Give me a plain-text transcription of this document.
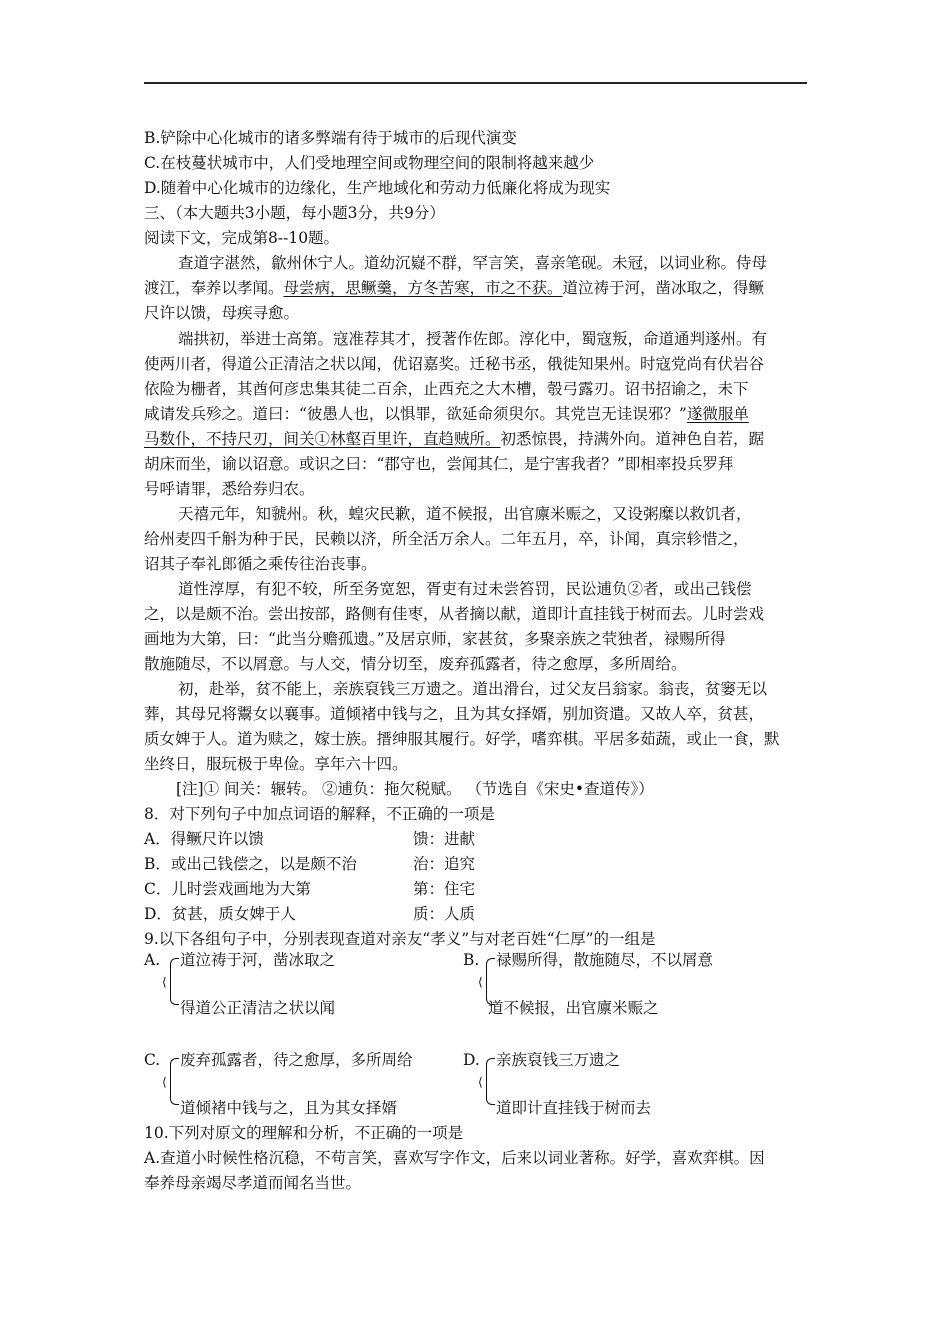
B.铲除中心化城市的诸多弊端有待于城市的后现代演变
C.在枝蔓状城市中，人们受地理空间或物理空间的限制将越来越少
D.随着中心化城市的边缘化，生产地域化和劳动力低廉化将成为现实
三、（本大题共3小题，每小题3分，共9分）
阅读下文，完成第8--10题。
查道字湛然，歙州休宁人。道幼沉嶷不群，罕言笑，喜亲笔砚。未冠，以词业称。侍母
渡江，奉养以孝闻。母尝病，思鳜羹，方冬苦寒，市之不获。道泣祷于河，凿冰取之，得鳜
尺许以馈，母疾寻愈。
端拱初，举进士高第。寇准荐其才，授著作佐郎。淳化中，蜀寇叛，命道通判遂州。有
使两川者，得道公正清洁之状以闻，优诏嘉奖。迁秘书丞，俄徙知果州。时寇党尚有伏岩谷
依险为栅者，其酋何彦忠集其徒二百余，止西充之大木槽，彀弓露刃。诏书招谕之，未下
咸请发兵殄之。道曰：“彼愚人也，以惧罪，欲延命须臾尔。其党岂无诖误邪？”遂微服单
马数仆，不持尺刃，间关①林壑百里许，直趋贼所。初悉惊畏，持满外向。道神色自若，踞
胡床而坐，谕以诏意。或识之曰：“郡守也，尝闻其仁，是宁害我者？”即相率投兵罗拜
号呼请罪，悉给券归农。
天禧元年，知虢州。秋，蝗灾民歉，道不候报，出官廪米赈之，又设粥糜以救饥者，
给州麦四千斛为种于民，民赖以济，所全活万余人。二年五月，卒，讣闻，真宗轸惜之，
诏其子奉礼郎循之乘传往治丧事。
道性淳厚，有犯不较，所至务宽恕，胥吏有过未尝笞罚，民讼逋负②者，或出己钱偿
之，以是颇不治。尝出按部，路侧有佳枣，从者摘以献，道即计直挂钱于树而去。儿时尝戏
画地为大第，曰：“此当分赡孤遗。”及居京师，家甚贫，多聚亲族之茕独者，禄赐所得
散施随尽，不以屑意。与人交，情分切至，废弃孤露者，待之愈厚，多所周给。
初，赴举，贫不能上，亲族裒钱三万遗之。道出滑台，过父友吕翁家。翁丧，贫窭无以
葬，其母兄将鬻女以襄事。道倾褚中钱与之，且为其女择婿，别加资遣。又故人卒，贫甚，
质女婢于人。道为赎之，嫁士族。搢绅服其履行。好学，嗜弈棋。平居多茹蔬，或止一食，默
坐终日，服玩极于卑俭。享年六十四。
[注]① 间关：辗转。 ②逋负：拖欠税赋。 （节选自《宋史•查道传》）
8．对下列句子中加点词语的解释，不正确的一项是
A．得鳜尺许以馈	馈：进献
B．或出己钱偿之，以是颇不治	治：追究
C．儿时尝戏画地为大第	第：住宅
D．贫甚，质女婢于人	质：人质
9.以下各组句子中，分别表现查道对亲友“孝义”与对老百姓“仁厚”的一组是
A.
⟨
道泣祷于河，凿冰取之
得道公正清洁之状以闻
B.
⟨
禄赐所得，散施随尽，不以屑意
道不候报，出官廪米赈之
C.
⟨
废弃孤露者，待之愈厚，多所周给
道倾褚中钱与之，且为其女择婿
D.
⟨
亲族裒钱三万遗之
道即计直挂钱于树而去
10.下列对原文的理解和分析，不正确的一项是
A.查道小时候性格沉稳，不苟言笑，喜欢写字作文，后来以词业著称。好学，喜欢弈棋。因
奉养母亲竭尽孝道而闻名当世。
